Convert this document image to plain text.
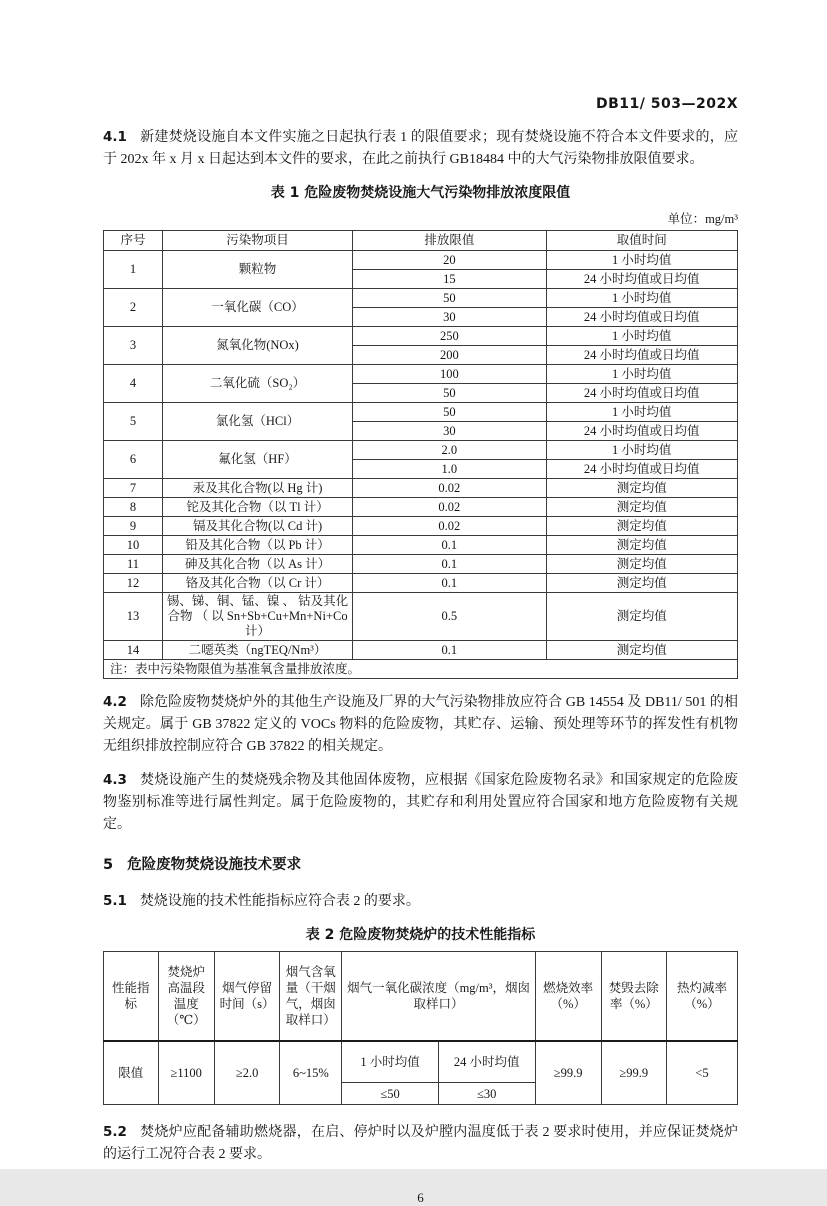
DB11/ 503—202X

4.1 新建焚烧设施自本文件实施之日起执行表 1 的限值要求；现有焚烧设施不符合本文件要求的，应于 202x 年 x 月 x 日起达到本文件的要求，在此之前执行 GB18484 中的大气污染物排放限值要求。

表 1 危险废物焚烧设施大气污染物排放浓度限值
单位：mg/m³
序号	污染物项目	排放限值	取值时间
1	颗粒物	20	1 小时均值
		15	24 小时均值或日均值
2	一氧化碳（CO）	50	1 小时均值
		30	24 小时均值或日均值
3	氮氧化物(NOx)	250	1 小时均值
		200	24 小时均值或日均值
4	二氧化硫（SO₂）	100	1 小时均值
		50	24 小时均值或日均值
5	氯化氢（HCl）	50	1 小时均值
		30	24 小时均值或日均值
6	氟化氢（HF）	2.0	1 小时均值
		1.0	24 小时均值或日均值
7	汞及其化合物(以 Hg 计)	0.02	测定均值
8	铊及其化合物（以 Tl 计）	0.02	测定均值
9	镉及其化合物(以 Cd 计)	0.02	测定均值
10	铅及其化合物（以 Pb 计）	0.1	测定均值
11	砷及其化合物（以 As 计）	0.1	测定均值
12	铬及其化合物（以 Cr 计）	0.1	测定均值
13	锡、锑、铜、锰、镍 、 钴及其化合物 （ 以 Sn+Sb+Cu+Mn+Ni+Co 计）	0.5	测定均值
14	二噁英类（ngTEQ/Nm³）	0.1	测定均值
注：表中污染物限值为基准氧含量排放浓度。			

4.2 除危险废物焚烧炉外的其他生产设施及厂界的大气污染物排放应符合 GB 14554 及 DB11/ 501 的相关规定。属于 GB 37822 定义的 VOCs 物料的危险废物，其贮存、运输、预处理等环节的挥发性有机物无组织排放控制应符合 GB 37822 的相关规定。

4.3 焚烧设施产生的焚烧残余物及其他固体废物，应根据《国家危险废物名录》和国家规定的危险废物鉴别标准等进行属性判定。属于危险废物的，其贮存和利用处置应符合国家和地方危险废物有关规定。

5 危险废物焚烧设施技术要求

5.1 焚烧设施的技术性能指标应符合表 2 的要求。

表 2 危险废物焚烧炉的技术性能指标
性能指标	焚烧炉高温段温度（℃）	烟气停留时间（s）	烟气含氧量（干烟气，烟囱取样口）	烟气一氧化碳浓度（mg/m³，烟囱取样口）		燃烧效率（%）	焚毁去除率（%）	热灼减率（%）
限值	≥1100	≥2.0	6~15%	1 小时均值	24 小时均值	≥99.9	≥99.9	<5
				≤50	≤30			

5.2 焚烧炉应配备辅助燃烧器，在启、停炉时以及炉膛内温度低于表 2 要求时使用，并应保证焚烧炉的运行工况符合表 2 要求。

6
